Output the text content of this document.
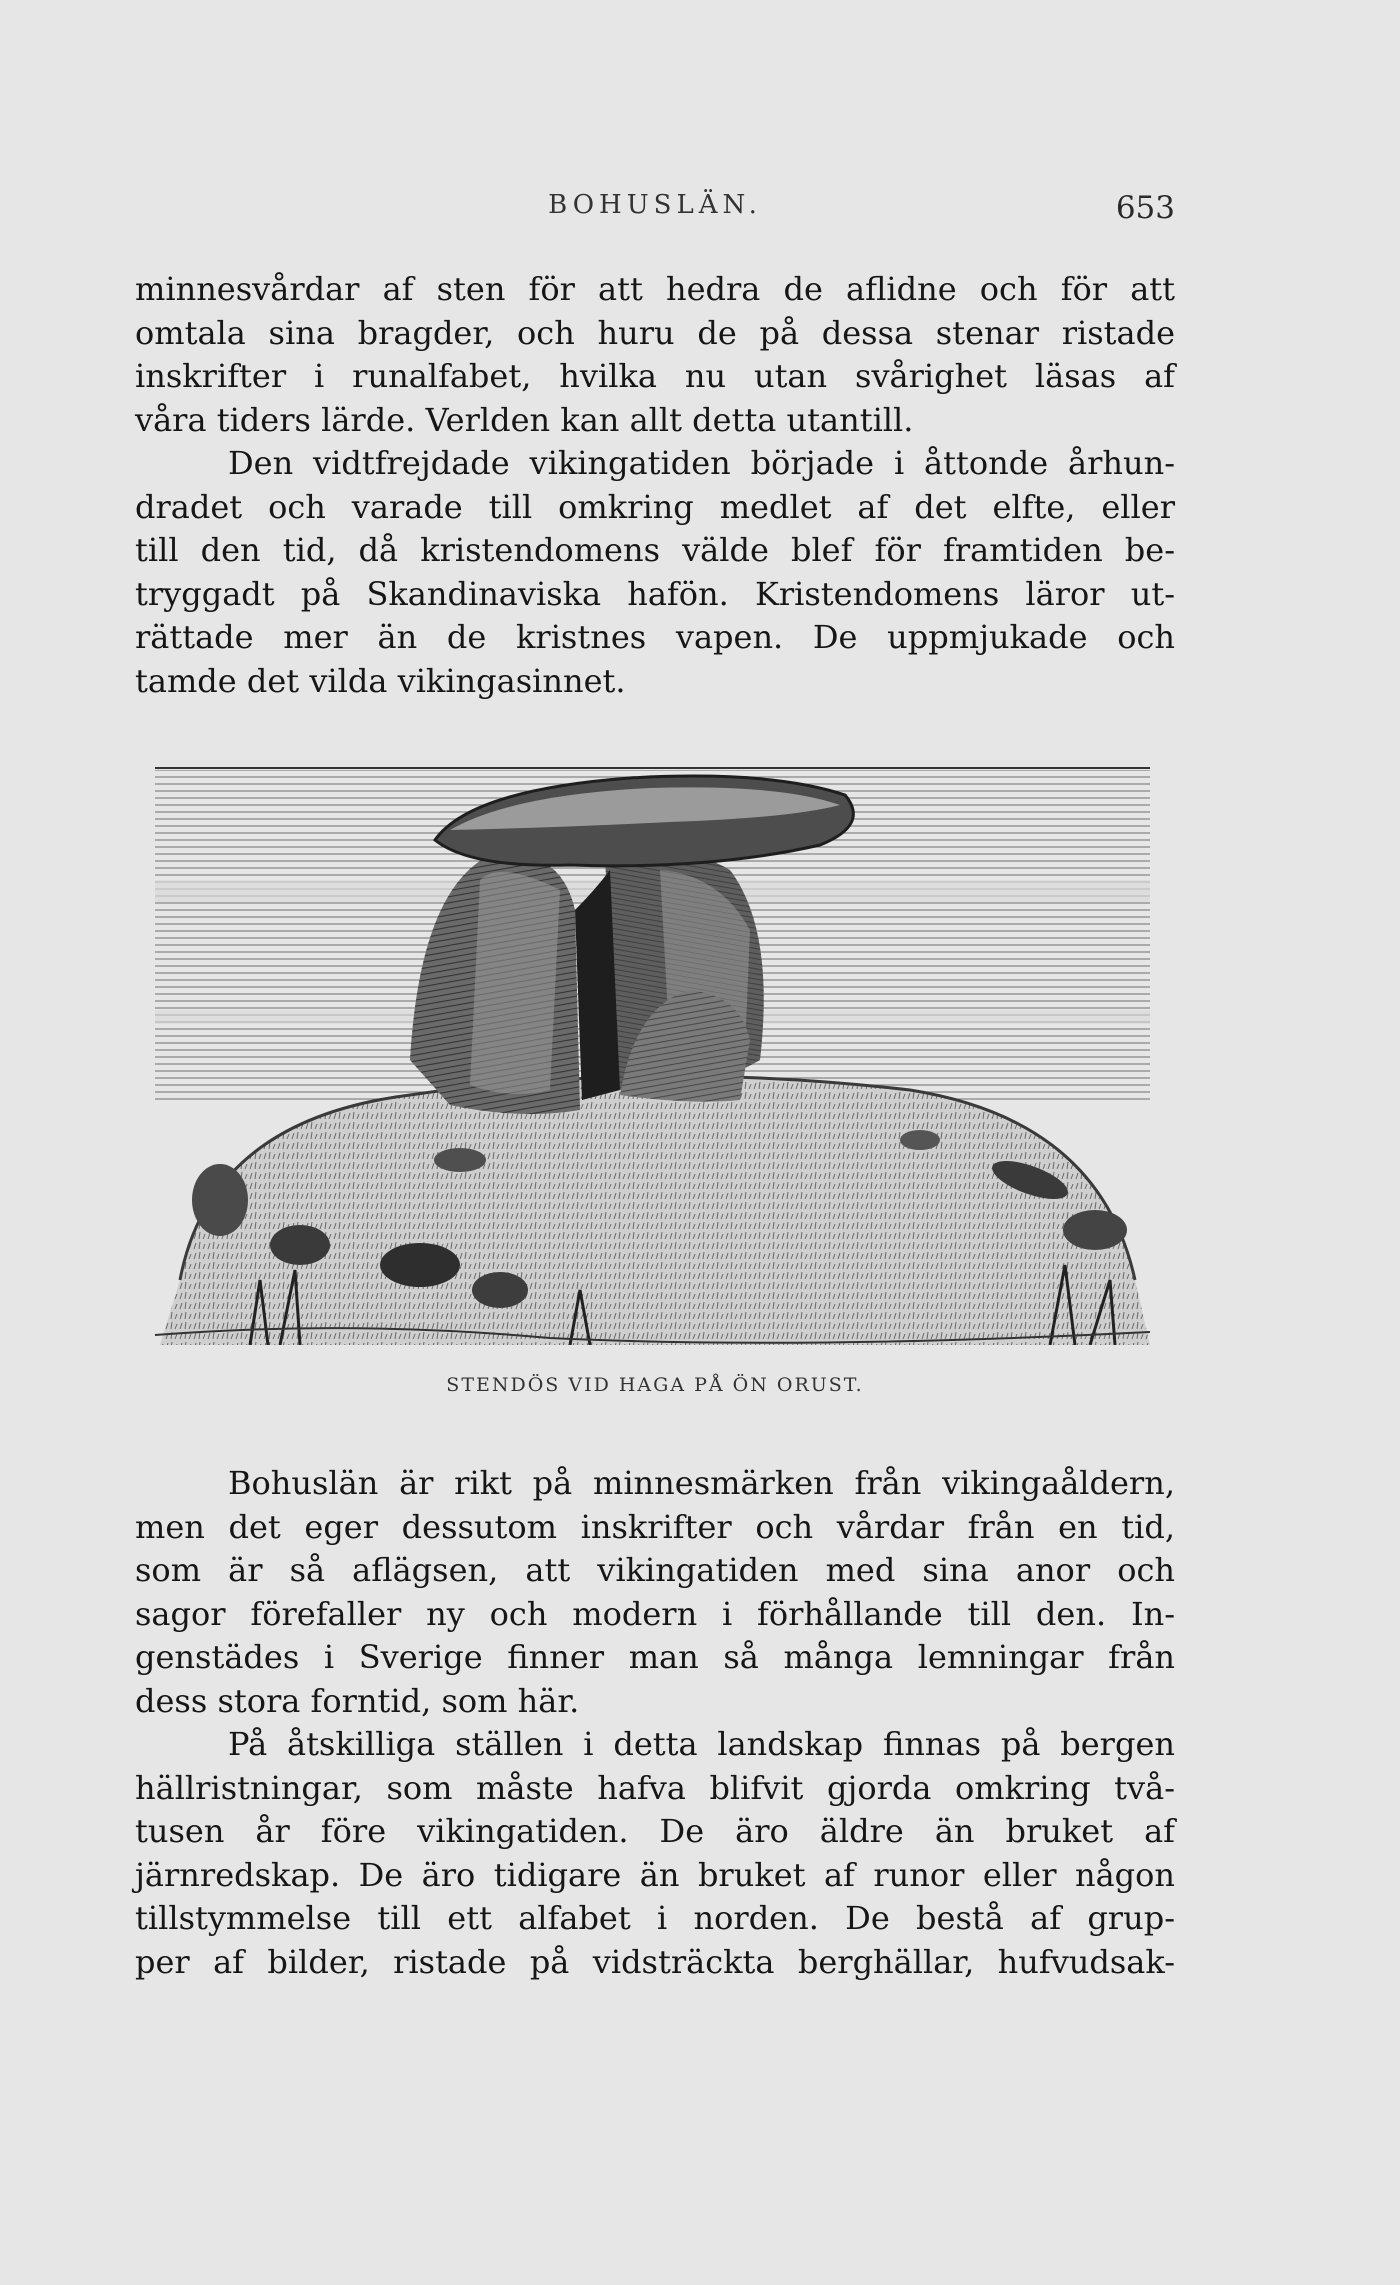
BOHUSLÄN.	653
minnesvårdar af sten för att hedra de aflidne och för att
omtala sina bragder, och huru de på dessa stenar ristade
inskrifter i runalfabet, hvilka nu utan svårighet läsas af
våra tiders lärde. Verlden kan allt detta utantill.
Den vidtfrejdade vikingatiden började i åttonde århun-
dradet och varade till omkring medlet af det elfte, eller
till den tid, då kristendomens välde blef för framtiden be-
tryggadt på Skandinaviska hafön. Kristendomens läror ut-
rättade mer än de kristnes vapen. De uppmjukade och
tamde det vilda vikingasinnet.
STENDÖS VID HAGA PÅ ÖN ORUST.
Bohuslän är rikt på minnesmärken från vikingaåldern,
men det eger dessutom inskrifter och vårdar från en tid,
som är så aflägsen, att vikingatiden med sina anor och
sagor förefaller ny och modern i förhållande till den. In-
genstädes i Sverige finner man så många lemningar från
dess stora forntid, som här.
På åtskilliga ställen i detta landskap finnas på bergen
hällristningar, som måste hafva blifvit gjorda omkring två-
tusen år före vikingatiden. De äro äldre än bruket af
järnredskap. De äro tidigare än bruket af runor eller någon
tillstymmelse till ett alfabet i norden. De bestå af grup-
per af bilder, ristade på vidsträckta berghällar, hufvudsak-
